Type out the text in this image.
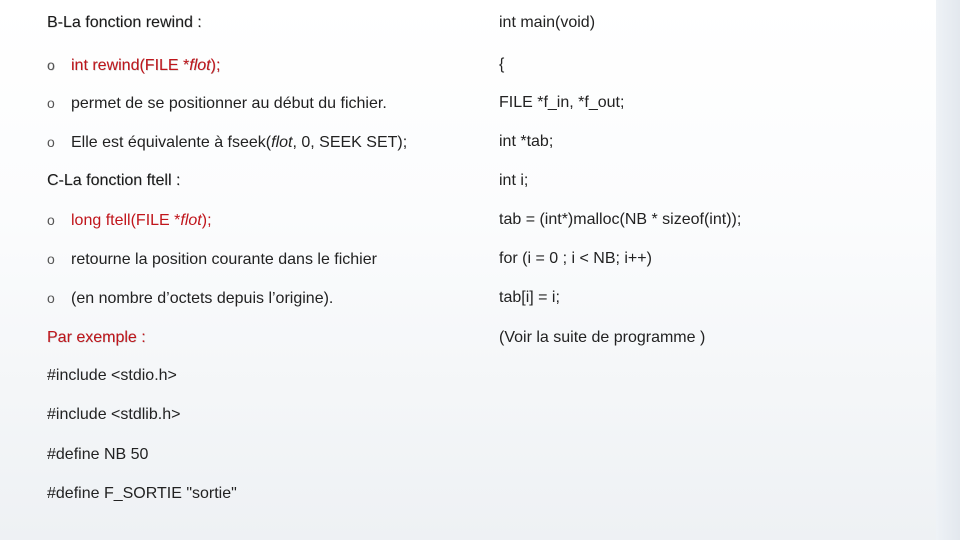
B-La fonction rewind :
o int rewind(FILE *flot);
o permet de se positionner au début du fichier.
o Elle est équivalente à fseek(flot, 0, SEEK SET);
C-La fonction ftell :
o long ftell(FILE *flot);
o retourne la position courante dans le fichier
o (en nombre d’octets depuis l’origine).
Par exemple :
#include <stdio.h>
#include <stdlib.h>
#define NB 50
#define F_SORTIE "sortie"
int main(void)
{
FILE *f_in, *f_out;
int *tab;
int i;
tab = (int*)malloc(NB * sizeof(int));
for (i = 0 ; i < NB; i++)
tab[i] = i;
(Voir la suite de programme )
